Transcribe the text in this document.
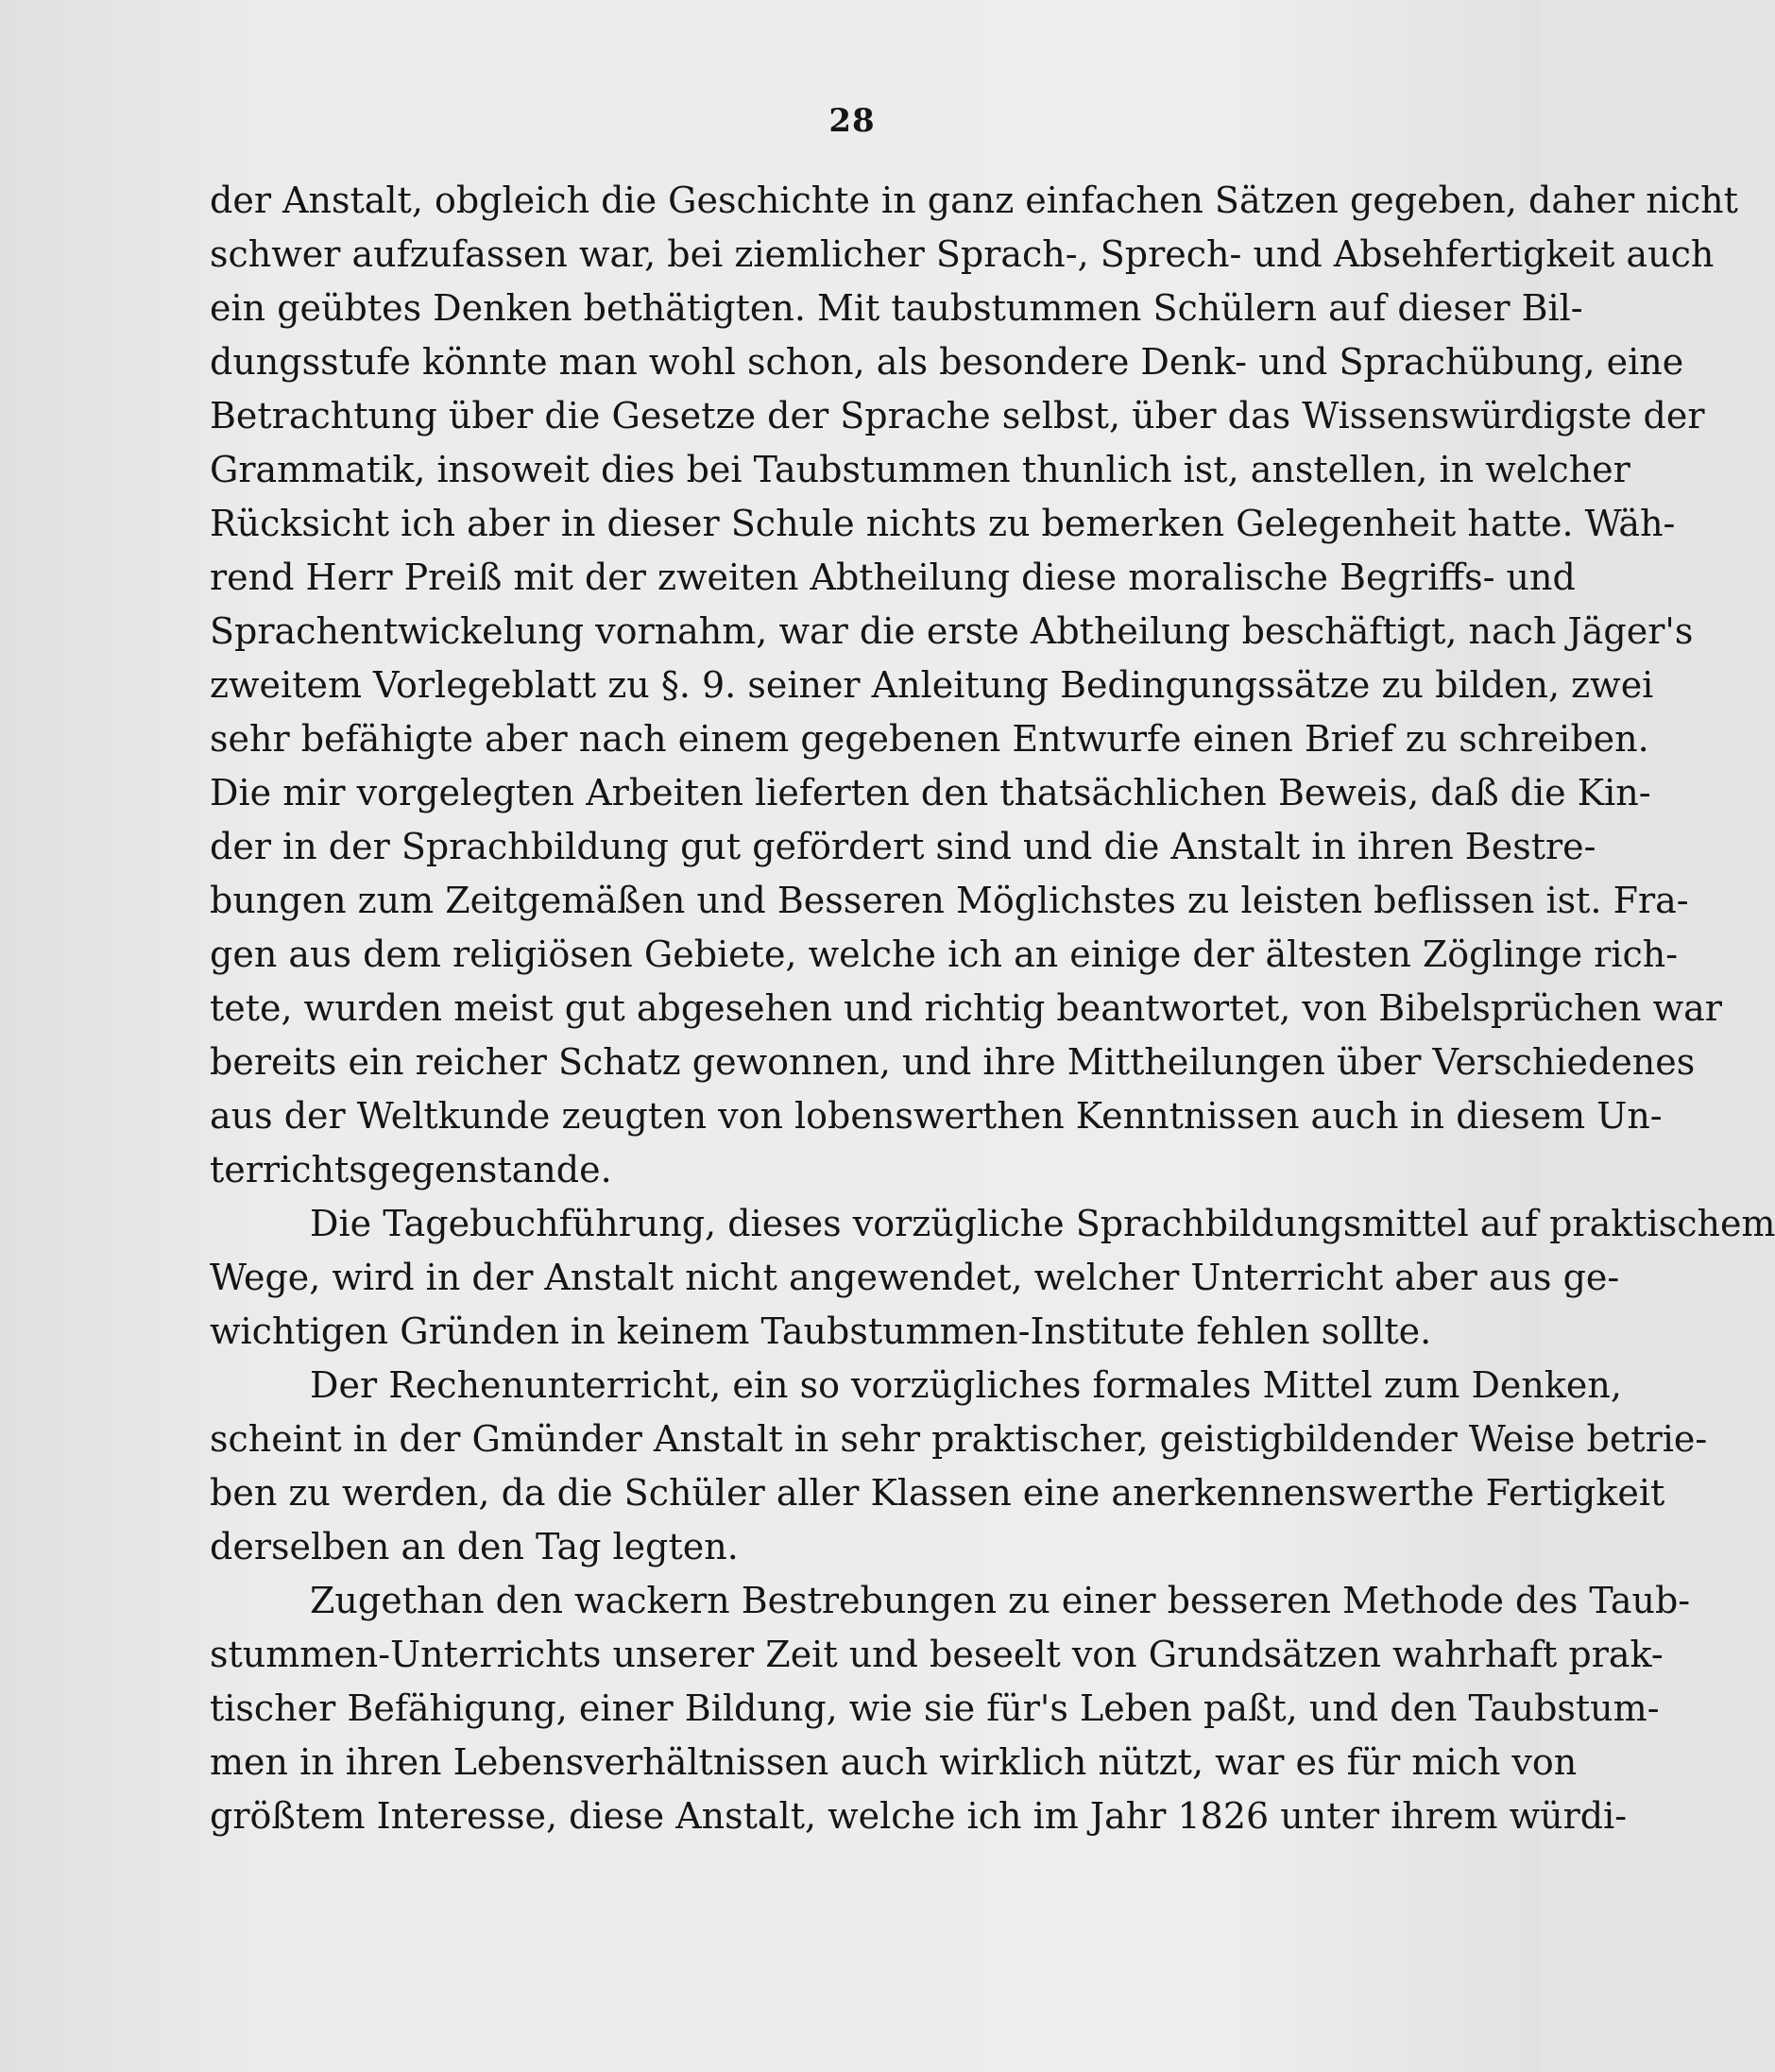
28
der Anstalt, obgleich die Geschichte in ganz einfachen Sätzen gegeben, daher nicht
schwer aufzufassen war, bei ziemlicher Sprach-, Sprech- und Absehfertigkeit auch
ein geübtes Denken bethätigten. Mit taubstummen Schülern auf dieser Bil-
dungsstufe könnte man wohl schon, als besondere Denk- und Sprachübung, eine
Betrachtung über die Gesetze der Sprache selbst, über das Wissenswürdigste der
Grammatik, insoweit dies bei Taubstummen thunlich ist, anstellen, in welcher
Rücksicht ich aber in dieser Schule nichts zu bemerken Gelegenheit hatte. Wäh-
rend Herr Preiß mit der zweiten Abtheilung diese moralische Begriffs- und
Sprachentwickelung vornahm, war die erste Abtheilung beschäftigt, nach Jäger's
zweitem Vorlegeblatt zu §. 9. seiner Anleitung Bedingungssätze zu bilden, zwei
sehr befähigte aber nach einem gegebenen Entwurfe einen Brief zu schreiben.
Die mir vorgelegten Arbeiten lieferten den thatsächlichen Beweis, daß die Kin-
der in der Sprachbildung gut gefördert sind und die Anstalt in ihren Bestre-
bungen zum Zeitgemäßen und Besseren Möglichstes zu leisten beflissen ist. Fra-
gen aus dem religiösen Gebiete, welche ich an einige der ältesten Zöglinge rich-
tete, wurden meist gut abgesehen und richtig beantwortet, von Bibelsprüchen war
bereits ein reicher Schatz gewonnen, und ihre Mittheilungen über Verschiedenes
aus der Weltkunde zeugten von lobenswerthen Kenntnissen auch in diesem Un-
terrichtsgegenstande.
Die Tagebuchführung, dieses vorzügliche Sprachbildungsmittel auf praktischem
Wege, wird in der Anstalt nicht angewendet, welcher Unterricht aber aus ge-
wichtigen Gründen in keinem Taubstummen-Institute fehlen sollte.
Der Rechenunterricht, ein so vorzügliches formales Mittel zum Denken,
scheint in der Gmünder Anstalt in sehr praktischer, geistigbildender Weise betrie-
ben zu werden, da die Schüler aller Klassen eine anerkennenswerthe Fertigkeit
derselben an den Tag legten.
Zugethan den wackern Bestrebungen zu einer besseren Methode des Taub-
stummen-Unterrichts unserer Zeit und beseelt von Grundsätzen wahrhaft prak-
tischer Befähigung, einer Bildung, wie sie für's Leben paßt, und den Taubstum-
men in ihren Lebensverhältnissen auch wirklich nützt, war es für mich von
größtem Interesse, diese Anstalt, welche ich im Jahr 1826 unter ihrem würdi-
